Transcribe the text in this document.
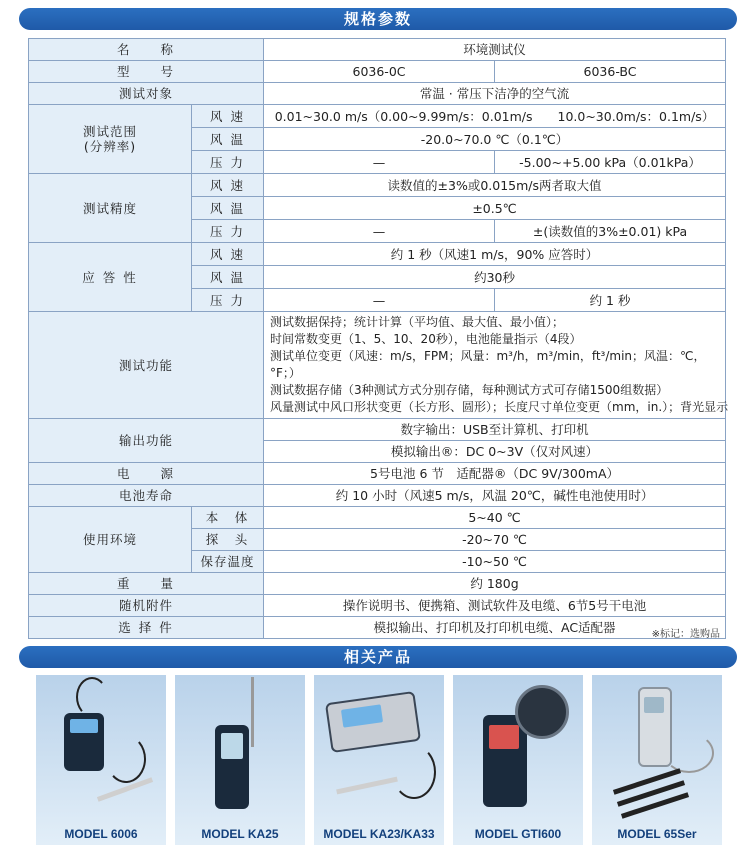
规格参数
名　　称		环境测试仪	
型　　号		6036-0C	6036-BC
测试对象		常温 · 常压下洁净的空气流	
测试范围
(分辨率)	风 速	0.01~30.0 m/s（0.00~9.99m/s：0.01m/s　　10.0~30.0m/s：0.1m/s）	
	风 温	-20.0~70.0 ℃（0.1℃）	
	压 力	—	-5.00~+5.00 kPa（0.01kPa）
测试精度	风 速	读数值的±3%或0.015m/s两者取大值	
	风 温	±0.5℃	
	压 力	—	±(读数值的3%±0.01) kPa
应 答 性	风 速	约 1 秒（风速1 m/s，90% 应答时）	
	风 温	约30秒	
	压 力	—	约 1 秒
测试功能		测试数据保持；统计计算（平均值、最大值、最小值）；
时间常数变更（1、5、10、20秒），电池能量指示（4段）
测试单位变更（风速：m/s，FPM；风量：m³/h，m³/min，ft³/min；风温：℃，°F；）
测试数据存储（3种测试方式分别存储，每种测试方式可存储1500组数据）
风量测试中风口形状变更（长方形、圆形）；长度尺寸单位变更（mm，in.）；背光显示	

输出功能		数字输出：USB至计算机、打印机	
		模拟输出®：DC 0~3V（仅对风速）	
电　　源		5号电池 6 节　适配器®（DC 9V/300mA）	
电池寿命		约 10 小时（风速5 m/s，风温 20℃，碱性电池使用时）	
使用环境	本　体	5~40 ℃	
	探　头	-20~70 ℃	
	保存温度	-10~50 ℃	
重　　量		约 180g	
随机附件		操作说明书、便携箱、测试软件及电缆、6节5号干电池	
选 择 件		模拟输出、打印机及打印机电缆、AC适配器		※标记：选购品
相关产品
MODEL 6006	MODEL KA25	MODEL KA23/KA33	MODEL GTI600	MODEL 65Ser
